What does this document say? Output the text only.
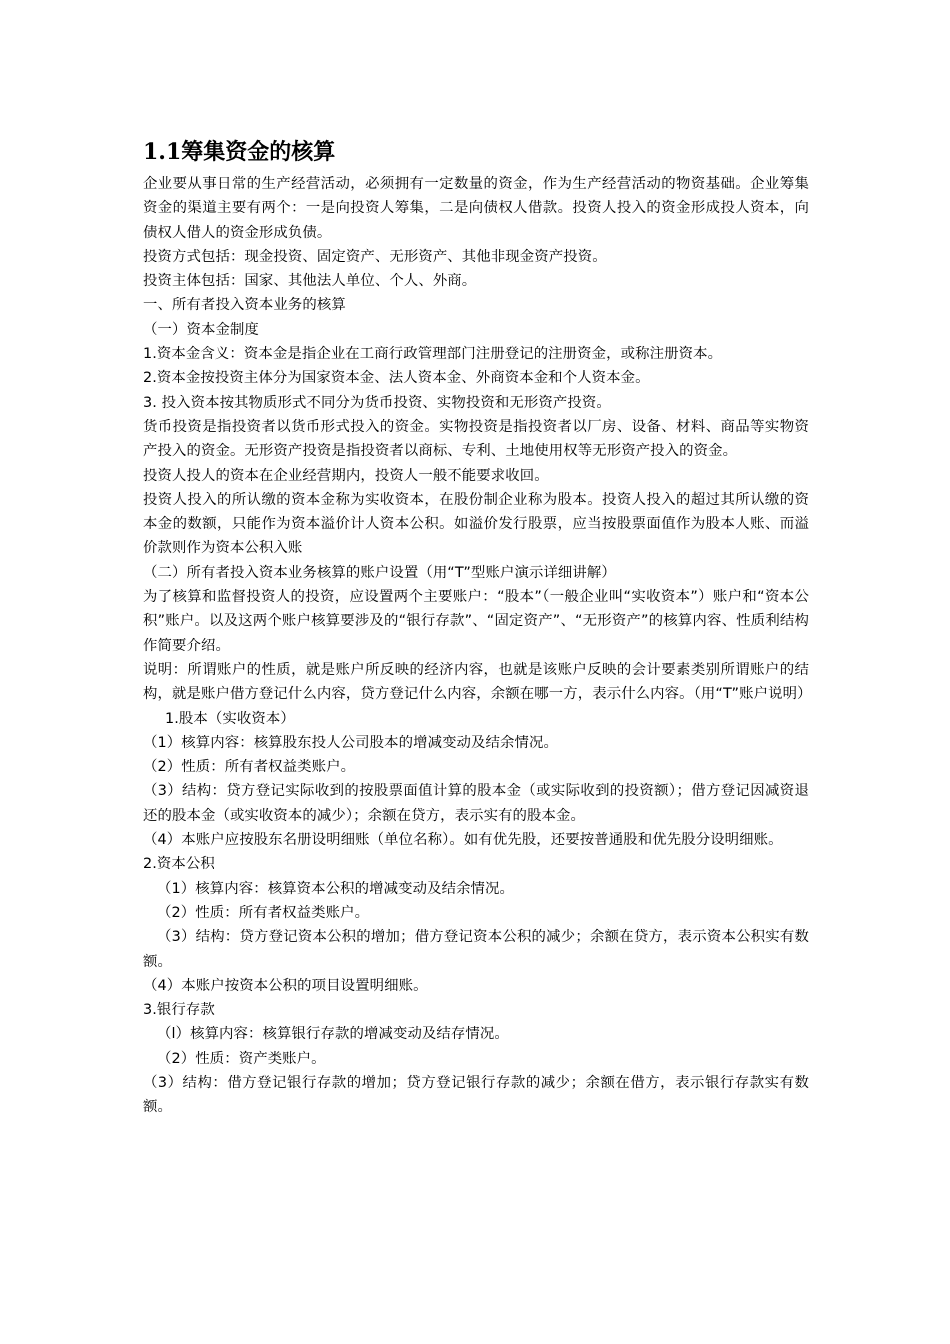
1.1筹集资金的核算

企业要从事日常的生产经营活动，必须拥有一定数量的资金，作为生产经营活动的物资基础。企业筹集资金的渠道主要有两个：一是向投资人筹集，二是向债权人借款。投资人投入的资金形成投人资本，向债权人借人的资金形成负债。

投资方式包括：现金投资、固定资产、无形资产、其他非现金资产投资。

投资主体包括：国家、其他法人单位、个人、外商。

一、所有者投入资本业务的核算

（一）资本金制度

1.资本金含义：资本金是指企业在工商行政管理部门注册登记的注册资金，或称注册资本。

2.资本金按投资主体分为国家资本金、法人资本金、外商资本金和个人资本金。

3. 投入资本按其物质形式不同分为货币投资、实物投资和无形资产投资。

货币投资是指投资者以货币形式投入的资金。实物投资是指投资者以厂房、设备、材料、商品等实物资产投入的资金。无形资产投资是指投资者以商标、专利、土地使用权等无形资产投入的资金。

投资人投人的资本在企业经营期内，投资人一般不能要求收回。

投资人投入的所认缴的资本金称为实收资本，在股份制企业称为股本。投资人投入的超过其所认缴的资本金的数额，只能作为资本溢价计人资本公积。如溢价发行股票，应当按股票面值作为股本人账、而溢价款则作为资本公积入账

（二）所有者投入资本业务核算的账户设置（用“T”型账户演示详细讲解）

为了核算和监督投资人的投资，应设置两个主要账户：“股本”（一般企业叫“实收资本”）账户和“资本公积”账户。以及这两个账户核算要涉及的“银行存款”、“固定资产”、“无形资产”的核算内容、性质利结构作简要介绍。

说明：所谓账户的性质，就是账户所反映的经济内容，也就是该账户反映的会计要素类别所谓账户的结构，就是账户借方登记什么内容，贷方登记什么内容，余额在哪一方，表示什么内容。（用“T”账户说明）

1.股本（实收资本）

（1）核算内容：核算股东投人公司股本的增减变动及结余情况。

（2）性质：所有者权益类账户。

（3）结构：贷方登记实际收到的按股票面值计算的股本金（或实际收到的投资额）；借方登记因减资退还的股本金（或实收资本的减少）；余额在贷方，表示实有的股本金。

（4）本账户应按股东名册设明细账（单位名称）。如有优先股，还要按普通股和优先股分设明细账。

2.资本公积

（1）核算内容：核算资本公积的增减变动及结余情况。

（2）性质：所有者权益类账户。

（3）结构：贷方登记资本公积的增加；借方登记资本公积的减少；余额在贷方，表示资本公积实有数额。

（4）本账户按资本公积的项目设置明细账。

3.银行存款

（l）核算内容：核算银行存款的增减变动及结存情况。

（2）性质：资产类账户。

（3）结构：借方登记银行存款的增加；贷方登记银行存款的减少；余额在借方，表示银行存款实有数额。
